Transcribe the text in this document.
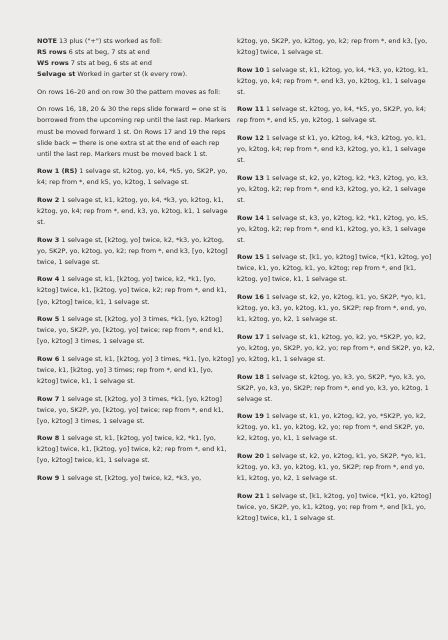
NOTE 13 plus ("+") sts worked as foll:
RS rows 6 sts at beg, 7 sts at end
WS rows 7 sts at beg, 6 sts at end
Selvage st Worked in garter st (k every row).
On rows 16–20 and on row 30 the pattern moves as foll:
On rows 16, 18, 20 & 30 the reps slide forward = one st is borrowed from the upcoming rep until the last rep. Markers must be moved forward 1 st. On Rows 17 and 19 the reps slide back = there is one extra st at the end of each rep until the last rep. Markers must be moved back 1 st.
Row 1 (RS) 1 selvage st, k2tog, yo, k4, *k5, yo, SK2P, yo, k4; rep from *, end k5, yo, k2tog, 1 selvage st.
Row 2 1 selvage st, k1, k2tog, yo, k4, *k3, yo, k2tog, k1, k2tog, yo, k4; rep from *, end, k3, yo, k2tog, k1, 1 selvage st.
Row 3 1 selvage st, [k2tog, yo] twice, k2, *k3, yo, k2tog, yo, SK2P, yo, k2tog, yo, k2; rep from *, end k3, [yo, k2tog] twice, 1 selvage st.
Row 4 1 selvage st, k1, [k2tog, yo] twice, k2, *k1, [yo, k2tog] twice, k1, [k2tog, yo] twice, k2; rep from *, end k1, [yo, k2tog] twice, k1, 1 selvage st.
Row 5 1 selvage st, [k2tog, yo] 3 times, *k1, [yo, k2tog] twice, yo, SK2P, yo, [k2tog, yo] twice; rep from *, end k1, [yo, k2tog] 3 times, 1 selvage st.
Row 6 1 selvage st, k1, [k2tog, yo] 3 times, *k1, [yo, k2tog] twice, k1, [k2tog, yo] 3 times; rep from *, end k1, [yo, k2tog] twice, k1, 1 selvage st.
Row 7 1 selvage st, [k2tog, yo] 3 times, *k1, [yo, k2tog] twice, yo, SK2P, yo, [k2tog, yo] twice; rep from *, end k1, [yo, k2tog] 3 times, 1 selvage st.
Row 8 1 selvage st, k1, [k2tog, yo] twice, k2, *k1, [yo, k2tog] twice, k1, [k2tog, yo] twice, k2; rep from *, end k1, [yo, k2tog] twice, k1, 1 selvage st.
Row 9 1 selvage st, [k2tog, yo] twice, k2, *k3, yo,
k2tog, yo, SK2P, yo, k2tog, yo, k2; rep from *, end k3, [yo, k2tog] twice, 1 selvage st.
Row 10 1 selvage st, k1, k2tog, yo, k4, *k3, yo, k2tog, k1, k2tog, yo, k4; rep from *, end k3, yo, k2tog, k1, 1 selvage st.
Row 11 1 selvage st, k2tog, yo, k4, *k5, yo, SK2P, yo, k4; rep from *, end k5, yo, k2tog, 1 selvage st.
Row 12 1 selvage st k1, yo, k2tog, k4, *k3, k2tog, yo, k1, yo, k2tog, k4; rep from *, end k3, k2tog, yo, k1, 1 selvage st.
Row 13 1 selvage st, k2, yo, k2tog, k2, *k3, k2tog, yo, k3, yo, k2tog, k2; rep from *, end k3, k2tog, yo, k2, 1 selvage st.
Row 14 1 selvage st, k3, yo, k2tog, k2, *k1, k2tog, yo, k5, yo, k2tog, k2; rep from *, end k1, k2tog, yo, k3, 1 selvage st.
Row 15 1 selvage st, [k1, yo, k2tog] twice, *[k1, k2tog, yo] twice, k1, yo, k2tog, k1, yo, k2tog; rep from *, end [k1, k2tog, yo] twice, k1, 1 selvage st.
Row 16 1 selvage st, k2, yo, k2tog, k1, yo, SK2P, *yo, k1, k2tog, yo, k3, yo, k2tog, k1, yo, SK2P; rep from *, end, yo, k1, k2tog, yo, k2, 1 selvage st.
Row 17 1 selvage st, k1, k2tog, yo, k2, yo, *SK2P, yo, k2, yo, k2tog, yo, SK2P, yo, k2, yo; rep from *, end SK2P, yo, k2, yo, k2tog, k1, 1 selvage st.
Row 18 1 selvage st, k2tog, yo, k3, yo, SK2P, *yo, k3, yo, SK2P, yo, k3, yo, SK2P; rep from *, end yo, k3, yo, k2tog, 1 selvage st.
Row 19 1 selvage st, k1, yo, k2tog, k2, yo, *SK2P, yo, k2, k2tog, yo, k1, yo, k2tog, k2, yo; rep from *, end SK2P, yo, k2, k2tog, yo, k1, 1 selvage st.
Row 20 1 selvage st, k2, yo, k2tog, k1, yo, SK2P, *yo, k1, k2tog, yo, k3, yo, k2tog, k1, yo, SK2P; rep from *, end yo, k1, k2tog, yo, k2, 1 selvage st.
Row 21 1 selvage st, [k1, k2tog, yo] twice, *[k1, yo, k2tog] twice, yo, SK2P, yo, k1, k2tog, yo; rep from *, end [k1, yo, k2tog] twice, k1, 1 selvage st.
